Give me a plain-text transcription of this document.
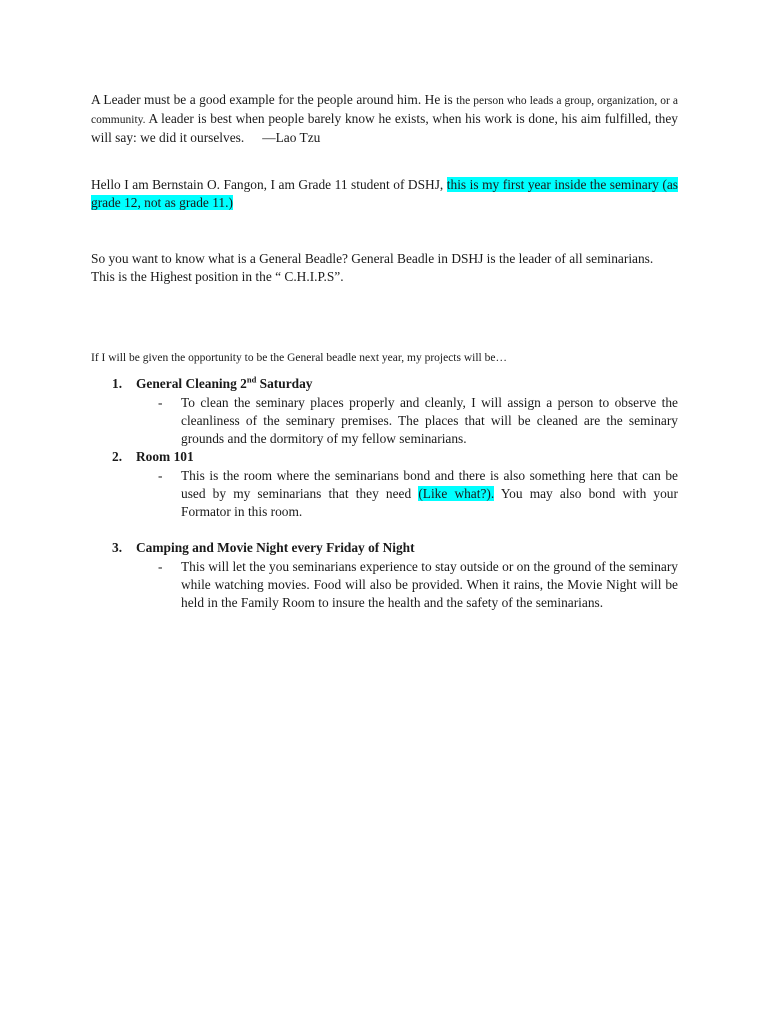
A Leader must be a good example for the people around him. He is the person who leads a group, organization, or a community. A leader is best when people barely know he exists, when his work is done, his aim fulfilled, they will say: we did it ourselves. —Lao Tzu

Hello I am Bernstain O. Fangon, I am Grade 11 student of DSHJ, this is my first year inside the seminary (as grade 12, not as grade 11.)

So you want to know what is a General Beadle? General Beadle in DSHJ is the leader of all seminarians.
This is the Highest position in the “ C.H.I.P.S”.

If I will be given the opportunity to be the General beadle next year, my projects will be…

1. General Cleaning 2nd Saturday
- To clean the seminary places properly and cleanly, I will assign a person to observe the cleanliness of the seminary premises. The places that will be cleaned are the seminary grounds and the dormitory of my fellow seminarians.

2. Room 101
- This is the room where the seminarians bond and there is also something here that can be used by my seminarians that they need (Like what?). You may also bond with your Formator in this room.

3. Camping and Movie Night every Friday of Night
- This will let the you seminarians experience to stay outside or on the ground of the seminary while watching movies. Food will also be provided. When it rains, the Movie Night will be held in the Family Room to insure the health and the safety of the seminarians.
